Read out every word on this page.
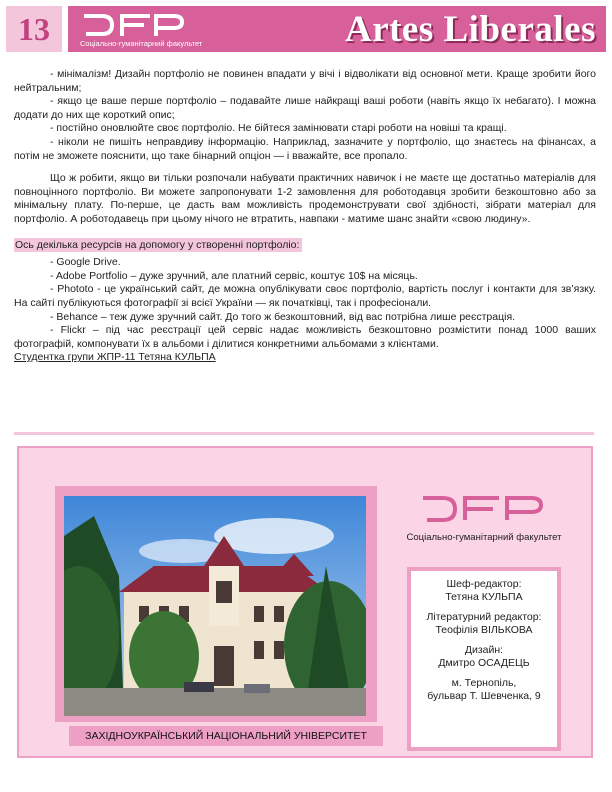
13	Соціально-гуманітарний факультет	Artes Liberales

- мінімалізм! Дизайн портфоліо не повинен впадати у вічі і відволікати від основної мети. Краще зробити його нейтральним;

- якщо це ваше перше портфоліо – подавайте лише найкращі ваші роботи (навіть якщо їх небагато). І можна додати до них ще короткий опис;

- постійно оновлюйте своє портфоліо. Не бійтеся замінювати старі роботи на новіші та кращі.

- ніколи не пишіть неправдиву інформацію. Наприклад, зазначите у портфоліо, що знаєтесь на фінансах, а потім не зможете пояснити, що таке бінарний опціон — і вважайте, все пропало.

Що ж робити, якщо ви тільки розпочали набувати практичних навичок і не маєте ще достатньо матеріалів для повноцінного портфоліо. Ви можете запропонувати 1-2 замовлення для роботодавця зробити безкоштовно або за мінімальну плату. По-перше, це дасть вам можливість продемонструвати свої здібності, зібрати матеріал для портфоліо. А роботодавець при цьому нічого не втратить, навпаки - матиме шанс знайти «свою людину».

Ось декілька ресурсів на допомогу у створенні портфоліо:

- Google Drive.

- Adobe Portfolio – дуже зручний, але платний сервіс, коштує 10$ на місяць.

- Phototo - це український сайт, де можна опублікувати своє портфоліо, вартість послуг і контакти для зв’язку. На сайті публікуються фотографії зі всієї України — як початківці, так і професіонали.

- Behance – теж дуже зручний сайт. До того ж безкоштовний, від вас потрібна лише реєстрація.

- Flickr – під час реєстрації цей сервіс надає можливість безкоштовно розмістити понад 1000 ваших фотографій, компонувати їх в альбоми і ділитися конкретними альбомами з клієнтами.

Студентка групи ЖПР-11 Тетяна КУЛЬПА

ЗАХІДНОУКРАЇНСЬКИЙ НАЦІОНАЛЬНИЙ УНІВЕРСИТЕТ
Соціально-гуманітарний факультет
Шеф-редактор:
Тетяна КУЛЬПА
Літературний редактор:
Теофілія ВІЛЬКОВА
Дизайн:
Дмитро ОСАДЕЦЬ
м. Тернопіль,
бульвар Т. Шевченка, 9
